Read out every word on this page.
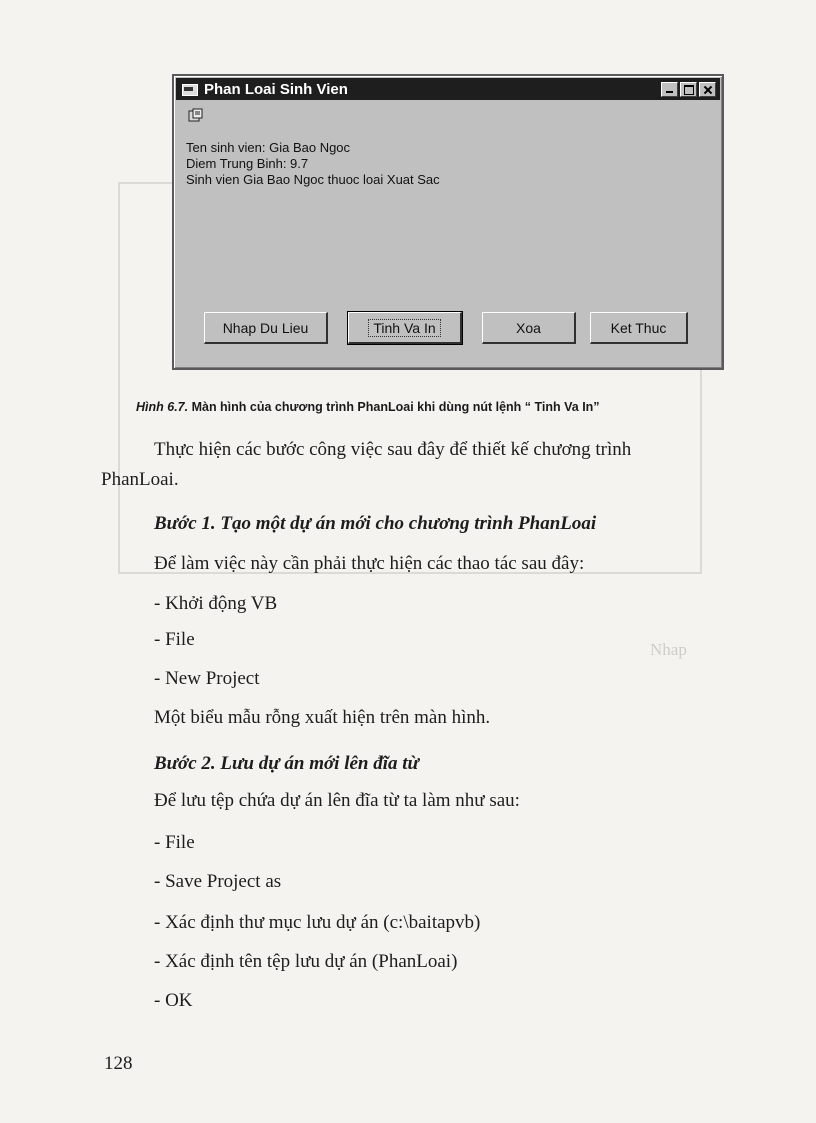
Nhap
Phan Loai Sinh Vien
Ten sinh vien: Gia Bao Ngoc
Diem Trung Binh: 9.7
Sinh vien Gia Bao Ngoc thuoc loai Xuat Sac
Nhap Du Lieu	Tinh Va In	Xoa	Ket Thuc
Hình 6.7. Màn hình của chương trình PhanLoai khi dùng nút lệnh “ Tinh Va In”
Thực hiện các bước công việc sau đây để thiết kế chương trình
PhanLoai.
Bước 1. Tạo một dự án mới cho chương trình PhanLoai
Để làm việc này cần phải thực hiện các thao tác sau đây:
- Khởi động VB
- File
- New Project
Một biểu mẫu rỗng xuất hiện trên màn hình.
Bước 2. Lưu dự án mới lên đĩa từ
Để lưu tệp chứa dự án lên đĩa từ ta làm như sau:
- File
- Save Project as
- Xác định thư mục lưu dự án (c:\baitapvb)
- Xác định tên tệp lưu dự án (PhanLoai)
- OK
128
